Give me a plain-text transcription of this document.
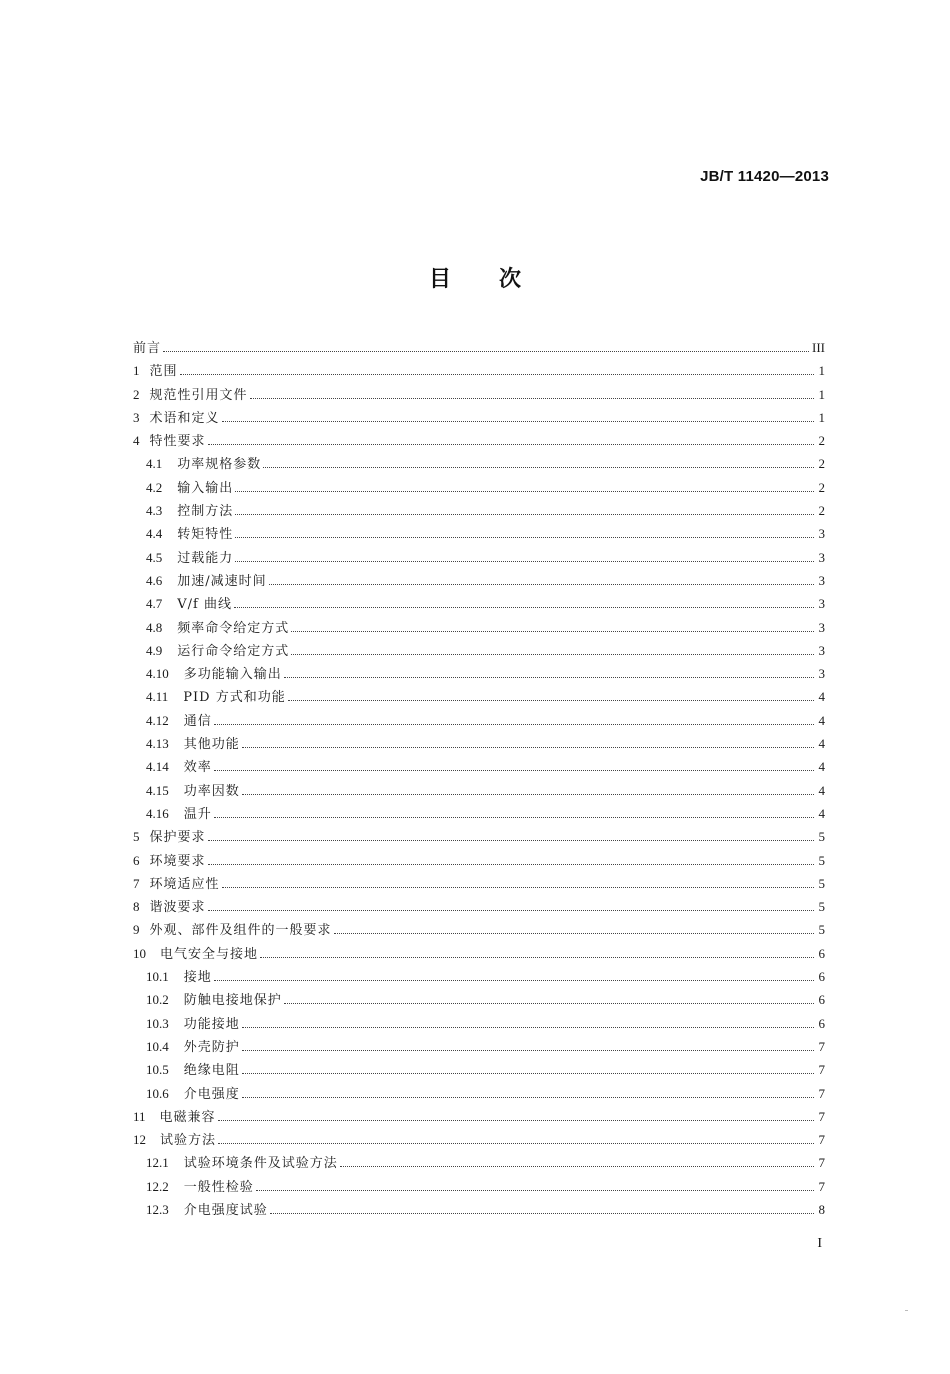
JB/T 11420—2013
目次
前言	III
1 范围	1
2 规范性引用文件	1
3 术语和定义	1
4 特性要求	2
4.1 功率规格参数	2
4.2 输入输出	2
4.3 控制方法	2
4.4 转矩特性	3
4.5 过载能力	3
4.6 加速/减速时间	3
4.7 V/f 曲线	3
4.8 频率命令给定方式	3
4.9 运行命令给定方式	3
4.10 多功能输入输出	3
4.11 PID 方式和功能	4
4.12 通信	4
4.13 其他功能	4
4.14 效率	4
4.15 功率因数	4
4.16 温升	4
5 保护要求	5
6 环境要求	5
7 环境适应性	5
8 谐波要求	5
9 外观、部件及组件的一般要求	5
10 电气安全与接地	6
10.1 接地	6
10.2 防触电接地保护	6
10.3 功能接地	6
10.4 外壳防护	7
10.5 绝缘电阻	7
10.6 介电强度	7
11 电磁兼容	7
12 试验方法	7
12.1 试验环境条件及试验方法	7
12.2 一般性检验	7
12.3 介电强度试验	8
I
